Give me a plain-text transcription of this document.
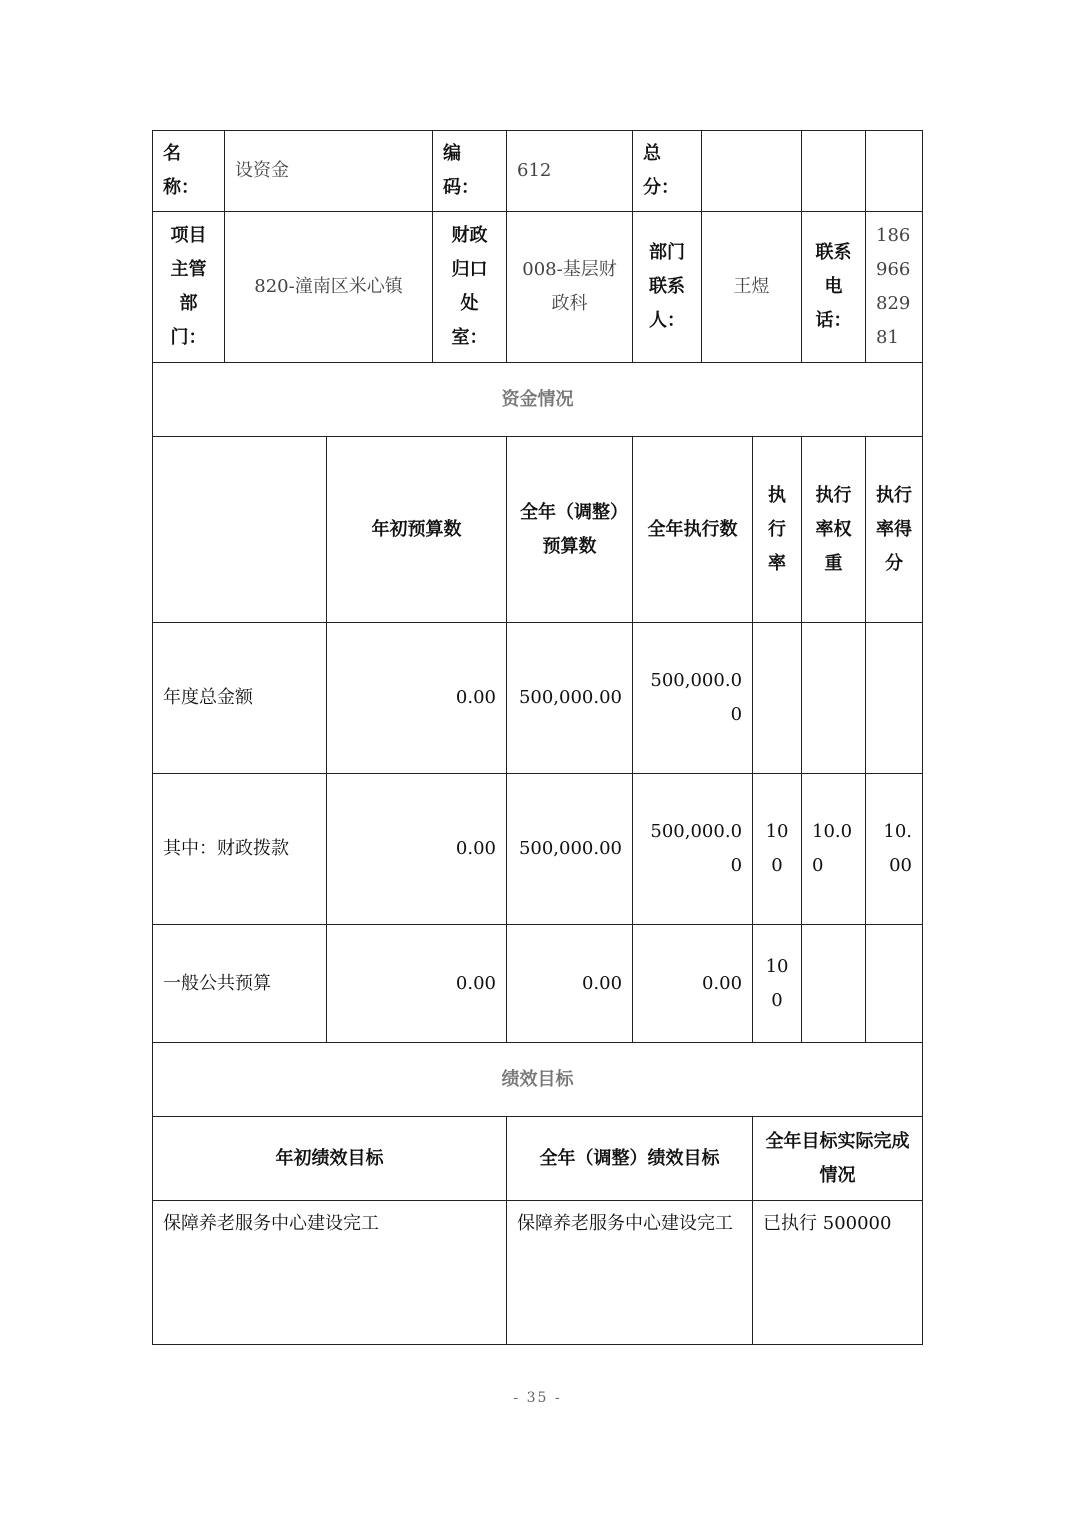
名称：	设资金		编码：	612	总分：				
项目主管部门：	820-潼南区米心镇		财政归口处室：	008-基层财政科	部门联系人：	王煜		联系电话：	18696682981
资金情况									
		年初预算数		全年（调整）预算数	全年执行数		执行率	执行率权重	执行率得分
年度总金额		0.00		500,000.00	500,000.00				
其中：财政拨款		0.00		500,000.00	500,000.00		100	10.00	10.00
一般公共预算		0.00		0.00	0.00		100		
绩效目标									
年初绩效目标				全年（调整）绩效目标			全年目标实际完成情况		
保障养老服务中心建设完工				保障养老服务中心建设完工			已执行 500000		
- 35 -
